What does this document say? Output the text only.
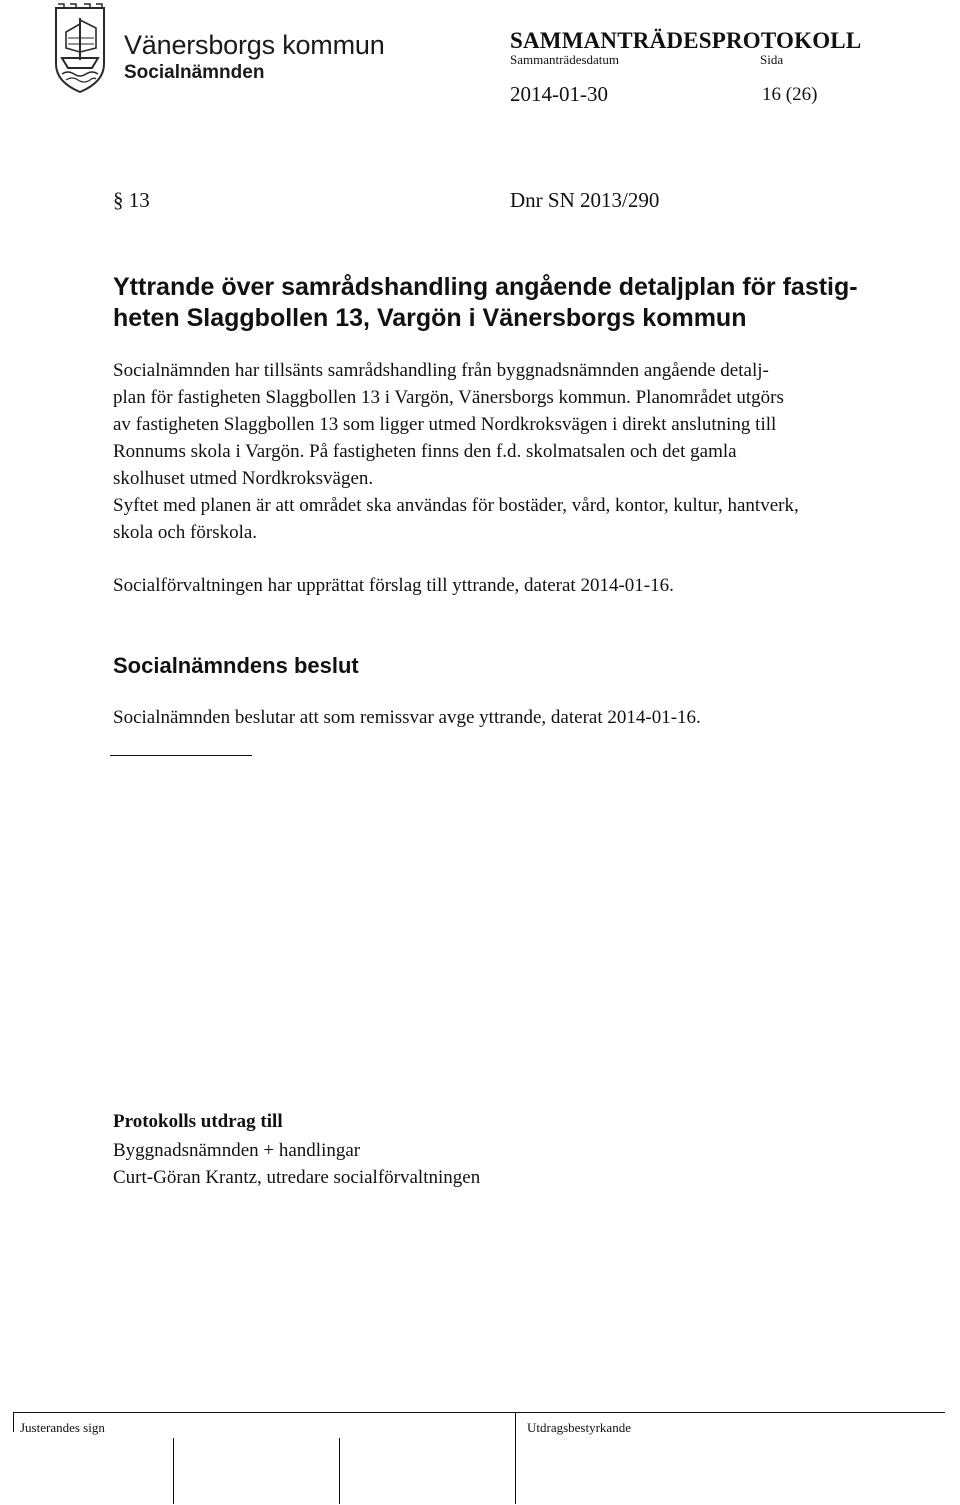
Vänersborgs kommun
Socialnämnden
SAMMANTRÄDESPROTOKOLL
Sammanträdesdatum	Sida
2014-01-30	16 (26)
§ 13	Dnr SN 2013/290
Yttrande över samrådshandling angående detaljplan för fastig-
heten Slaggbollen 13, Vargön i Vänersborgs kommun
Socialnämnden har tillsänts samrådshandling från byggnadsnämnden angående detalj-
plan för fastigheten Slaggbollen 13 i Vargön, Vänersborgs kommun. Planområdet utgörs
av fastigheten Slaggbollen 13 som ligger utmed Nordkroksvägen i direkt anslutning till
Ronnums skola i Vargön. På fastigheten finns den f.d. skolmatsalen och det gamla
skolhuset utmed Nordkroksvägen.
Syftet med planen är att området ska användas för bostäder, vård, kontor, kultur, hantverk,
skola och förskola.
Socialförvaltningen har upprättat förslag till yttrande, daterat 2014-01-16.
Socialnämndens beslut
Socialnämnden beslutar att som remissvar avge yttrande, daterat 2014-01-16.
Protokolls utdrag till
Byggnadsnämnden + handlingar
Curt-Göran Krantz, utredare socialförvaltningen
Justerandes sign	Utdragsbestyrkande
